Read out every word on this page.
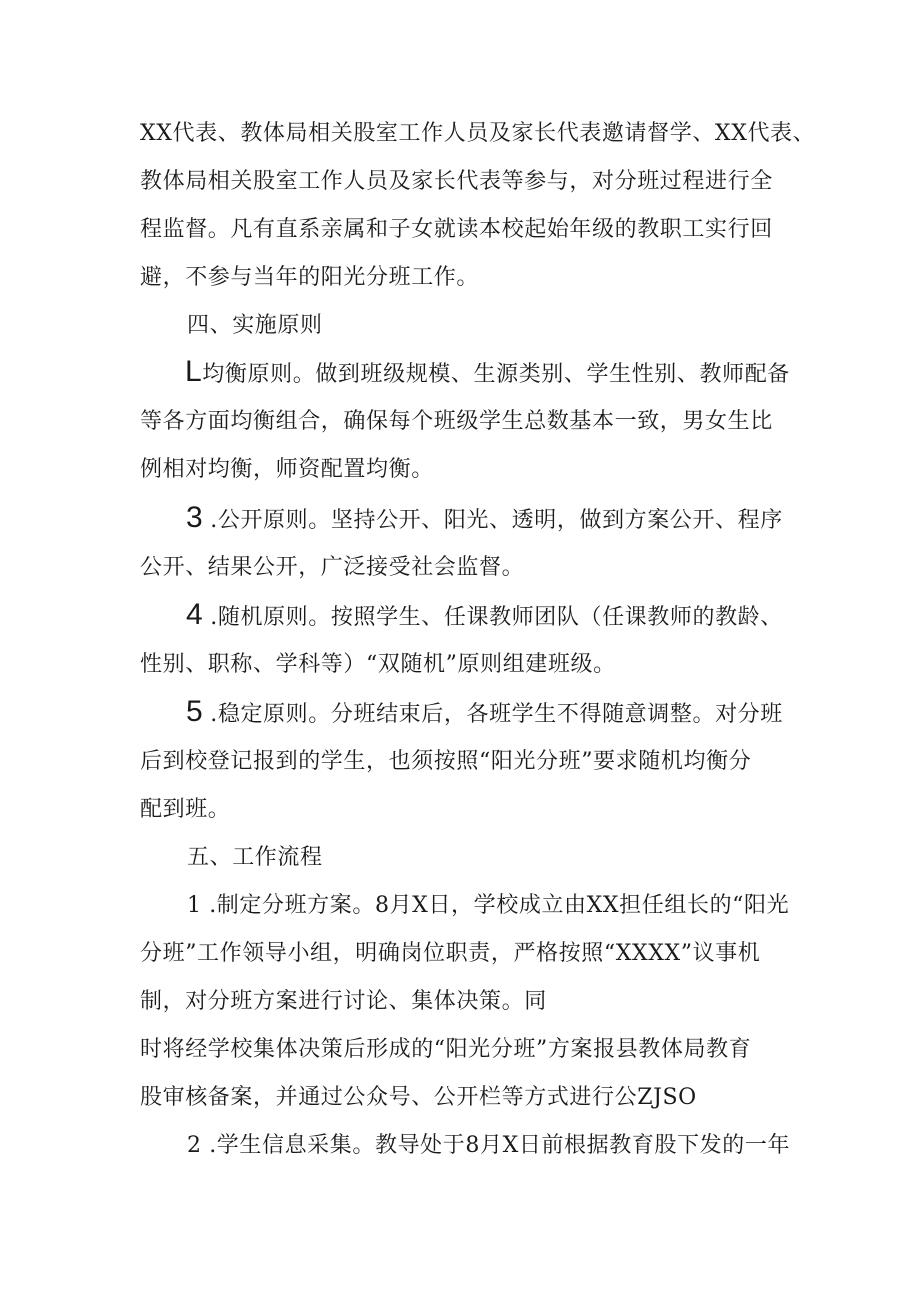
XX代表、教体局相关股室工作人员及家长代表邀请督学、XX代表、
教体局相关股室工作人员及家长代表等参与，对分班过程进行全
程监督。凡有直系亲属和子女就读本校起始年级的教职工实行回
避，不参与当年的阳光分班工作。
四、实施原则
L均衡原则。做到班级规模、生源类别、学生性别、教师配备
等各方面均衡组合，确保每个班级学生总数基本一致，男女生比
例相对均衡，师资配置均衡。
3 .公开原则。坚持公开、阳光、透明，做到方案公开、程序
公开、结果公开，广泛接受社会监督。
4 .随机原则。按照学生、任课教师团队（任课教师的教龄、
性别、职称、学科等）“双随机”原则组建班级。
5 .稳定原则。分班结束后，各班学生不得随意调整。对分班
后到校登记报到的学生，也须按照“阳光分班”要求随机均衡分
配到班。
五、工作流程
1 .制定分班方案。8月X日，学校成立由XX担任组长的“阳光
分班”工作领导小组，明确岗位职责，严格按照“XXXX”议事机
制，对分班方案进行讨论、集体决策。同
时将经学校集体决策后形成的“阳光分班”方案报县教体局教育
股审核备案，并通过公众号、公开栏等方式进行公ZJSO
2 .学生信息采集。教导处于8月X日前根据教育股下发的一年
